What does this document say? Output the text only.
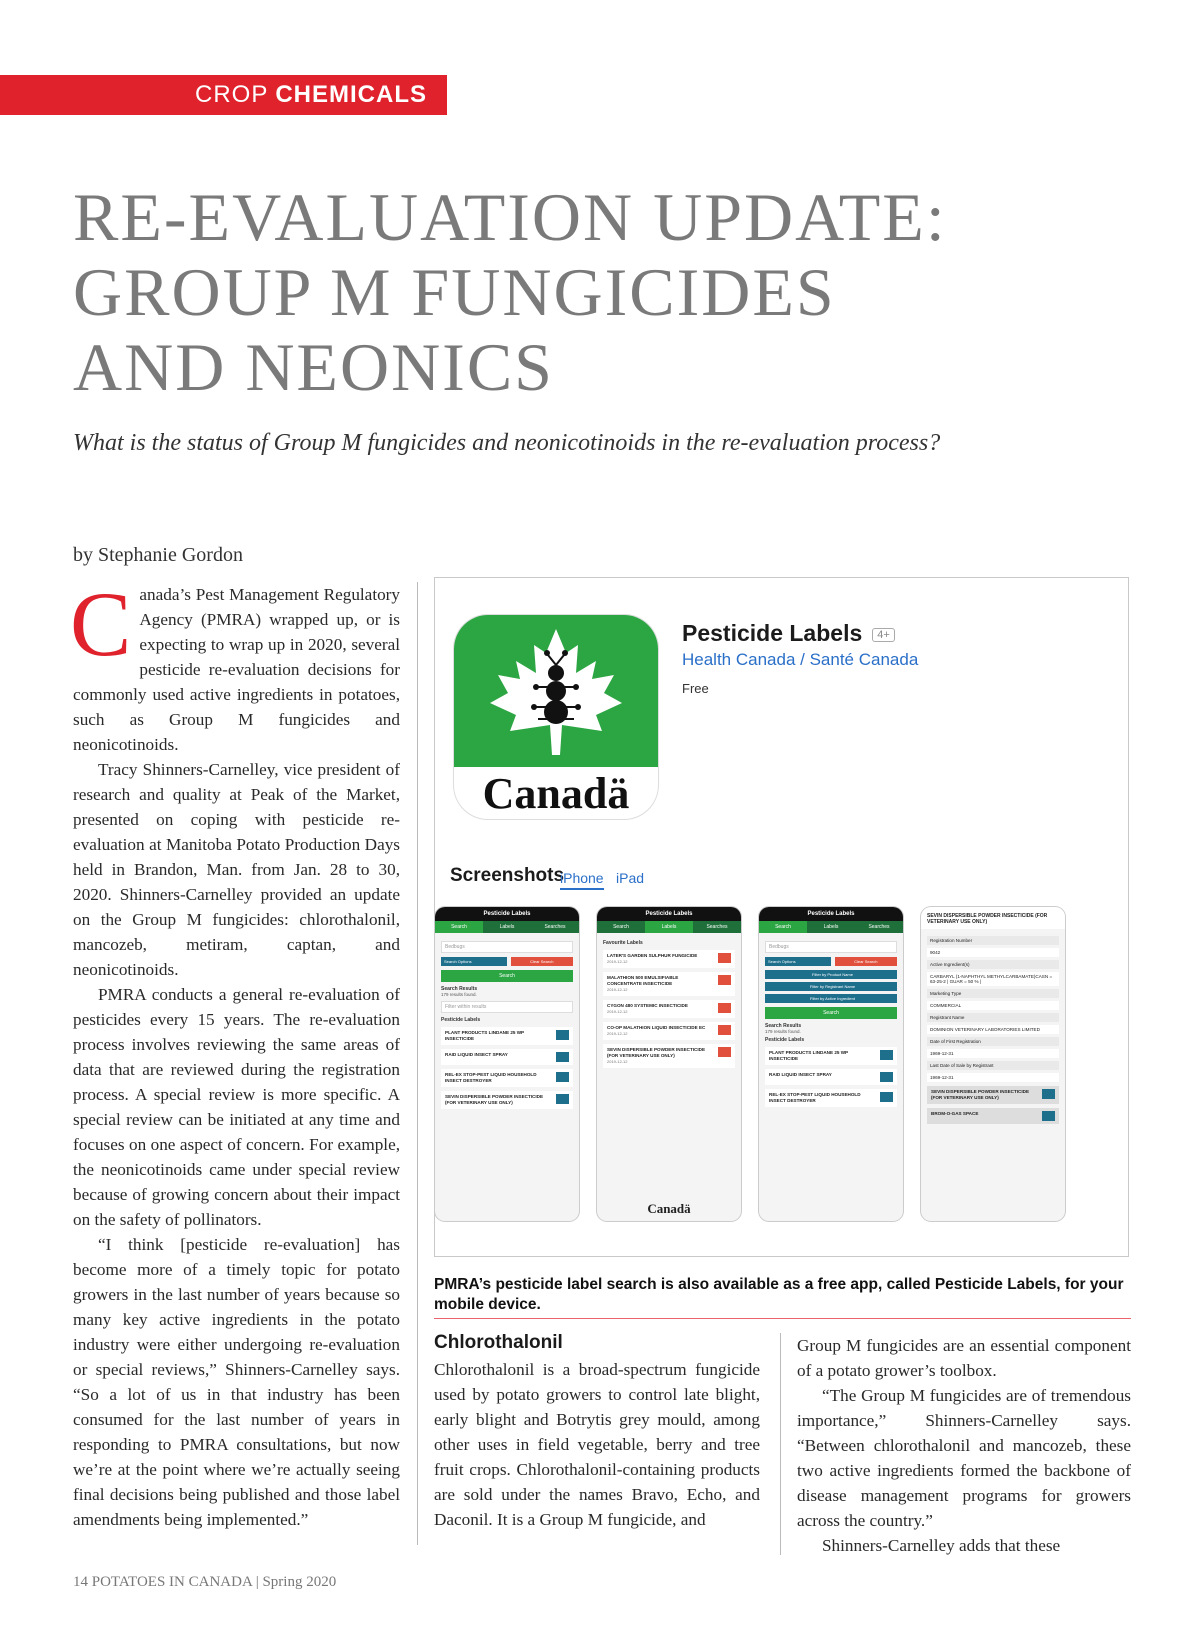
CROP CHEMICALS
RE-EVALUATION UPDATE:
GROUP M FUNGICIDES
AND NEONICS
What is the status of Group M fungicides and neonicotinoids in the re-evaluation process?
by Stephanie Gordon
C anada’s Pest Management Regulatory Agency (PMRA) wrapped up, or is expecting to wrap up in 2020, several pesticide re-evaluation decisions for commonly used active ingredients in potatoes, such as Group M fungicides and neonicotinoids.

Tracy Shinners-Carnelley, vice president of research and quality at Peak of the Market, presented on coping with pesticide re-evaluation at Manitoba Potato Production Days held in Brandon, Man. from Jan. 28 to 30, 2020. Shinners-Carnelley provided an update on the Group M fungicides: chlorothalonil, mancozeb, metiram, captan, and neonicotinoids.

PMRA conducts a general re-evaluation of pesticides every 15 years. The re-evaluation process involves reviewing the same areas of data that are reviewed during the registration process. A special review is more specific. A special review can be initiated at any time and focuses on one aspect of concern. For example, the neonicotinoids came under special review because of growing concern about their impact on the safety of pollinators.

“I think [pesticide re-evaluation] has become more of a timely topic for potato growers in the last number of years because so many key active ingredients in the potato industry were either undergoing re-evaluation or special reviews,” Shinners-Carnelley says. “So a lot of us in that industry has been consumed for the last number of years in responding to PMRA consultations, but now we’re at the point where we’re actually seeing final decisions being published and those label amendments being implemented.”

Canadä
Pesticide Labels 4+
Health Canada / Santé Canada
Free
Screenshots
iPhone iPad
Pesticide Labels
Search	Labels	Searches
Bedbugs
Search Options	Clear Search
Search
Search Results
179 results found.
Filter within results
Pesticide Labels
PLANT PRODUCTS LINDANE 25 WP INSECTICIDE
RAID LIQUID INSECT SPRAY
REL-EX STOP-PEST LIQUID HOUSEHOLD INSECT DESTROYER
SEVIN DISPERSIBLE POWDER INSECTICIDE (FOR VETERINARY USE ONLY)
Pesticide Labels
Search	Labels	Searches
Favourite Labels
LATER'S GARDEN SULPHUR FUNGICIDE
2019-12-12
MALATHION 500 EMULSIFIABLE CONCENTRATE INSECTICIDE
2019-12-12
CYGON 480 SYSTEMIC INSECTICIDE
2019-12-12
CO-OP MALATHION LIQUID INSECTICIDE EC
2019-12-12
SEVIN DISPERSIBLE POWDER INSECTICIDE (FOR VETERINARY USE ONLY)
2019-12-12
Canadä
Pesticide Labels
Search	Labels	Searches
Bedbugs
Search Options	Clear Search
Filter by Product Name
Filter by Registrant Name
Filter by Active Ingredient
Search
Search Results
179 results found.
Pesticide Labels
PLANT PRODUCTS LINDANE 25 WP INSECTICIDE
RAID LIQUID INSECT SPRAY
REL-EX STOP-PEST LIQUID HOUSEHOLD INSECT DESTROYER
SEVIN DISPERSIBLE POWDER INSECTICIDE (FOR VETERINARY USE ONLY)
Registration Number
9042
Active Ingredient(s)
CARBARYL (1-NAPHTHYL METHYLCARBAMATE)CASN = 63-25-2 | GUAR = 50 % |
Marketing Type
COMMERCIAL
Registrant Name
DOMINION VETERINARY LABORATORIES LIMITED
Date of First Registration
1969-12-31
Last Date of Sale by Registrant
1969-12-31
SEVIN DISPERSIBLE POWDER INSECTICIDE (FOR VETERINARY USE ONLY)
BROM-O-GAS SPACE
PMRA’s pesticide label search is also available as a free app, called Pesticide Labels, for your mobile device.
Chlorothalonil

Chlorothalonil is a broad-spectrum fungicide used by potato growers to control late blight, early blight and Botrytis grey mould, among other uses in field vegetable, berry and tree fruit crops. Chlorothalonil-containing products are sold under the names Bravo, Echo, and Daconil. It is a Group M fungicide, and

Group M fungicides are an essential component of a potato grower’s toolbox.

“The Group M fungicides are of tremendous importance,” Shinners-Carnelley says. “Between chlorothalonil and mancozeb, these two active ingredients formed the backbone of disease management programs for growers across the country.”

Shinners-Carnelley adds that these

14 POTATOES IN CANADA | Spring 2020
